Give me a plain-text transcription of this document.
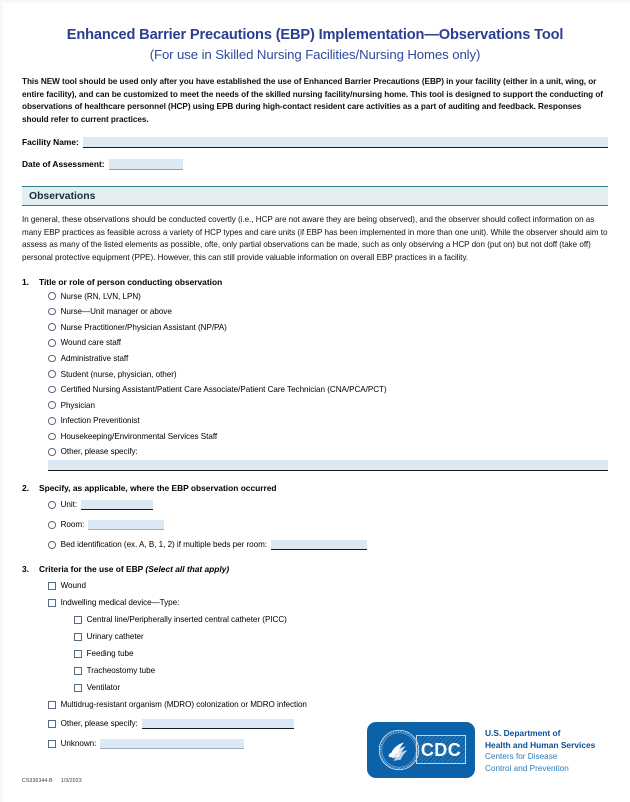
Enhanced Barrier Precautions (EBP) Implementation—Observations Tool
(For use in Skilled Nursing Facilities/Nursing Homes only)
This NEW tool should be used only after you have established the use of Enhanced Barrier Precautions (EBP) in your facility (either in a unit, wing, or entire facility), and can be customized to meet the needs of the skilled nursing facility/nursing home. This tool is designed to support the conducting of observations of healthcare personnel (HCP) using EPB during high-contact resident care activities as a part of auditing and feedback. Responses should refer to current practices.
Facility Name:
Date of Assessment:
Observations
In general, these observations should be conducted covertly (i.e., HCP are not aware they are being observed), and the observer should collect information on as many EBP practices as feasible across a variety of HCP types and care units (if EBP has been implemented in more than one unit). While the observer should aim to assess as many of the listed elements as possible, ofte, only partial observations can be made, such as only observing a HCP don (put on) but not doff (take off) personal protective equipment (PPE). However, this can still provide valuable information on overall EBP practices in a facility.
1.	Title or role of person conducting observation
Nurse (RN, LVN, LPN)
Nurse—Unit manager or above
Nurse Practitioner/Physician Assistant (NP/PA)
Wound care staff
Administrative staff
Student (nurse, physician, other)
Certified Nursing Assistant/Patient Care Associate/Patient Care Technician (CNA/PCA/PCT)
Physician
Infection Preventionist
Housekeeping/Environmental Services Staff
Other, please specify:
2.	Specify, as applicable, where the EBP observation occurred
Unit:
Room:
Bed identification (ex. A, B, 1, 2) if multiple beds per room:
3.	Criteria for the use of EBP (Select all that apply)
Wound
Indwelling medical device—Type:
Central line/Peripherally inserted central catheter (PICC)
Urinary catheter
Feeding tube
Tracheostomy tube
Ventilator
Multidrug-resistant organism (MDRO) colonization or MDRO infection
Other, please specify:
Unknown:	CDC
U.S. Department of
Health and Human Services
Centers for Disease
Control and Prevention
CS336344-B 1/3/2023
